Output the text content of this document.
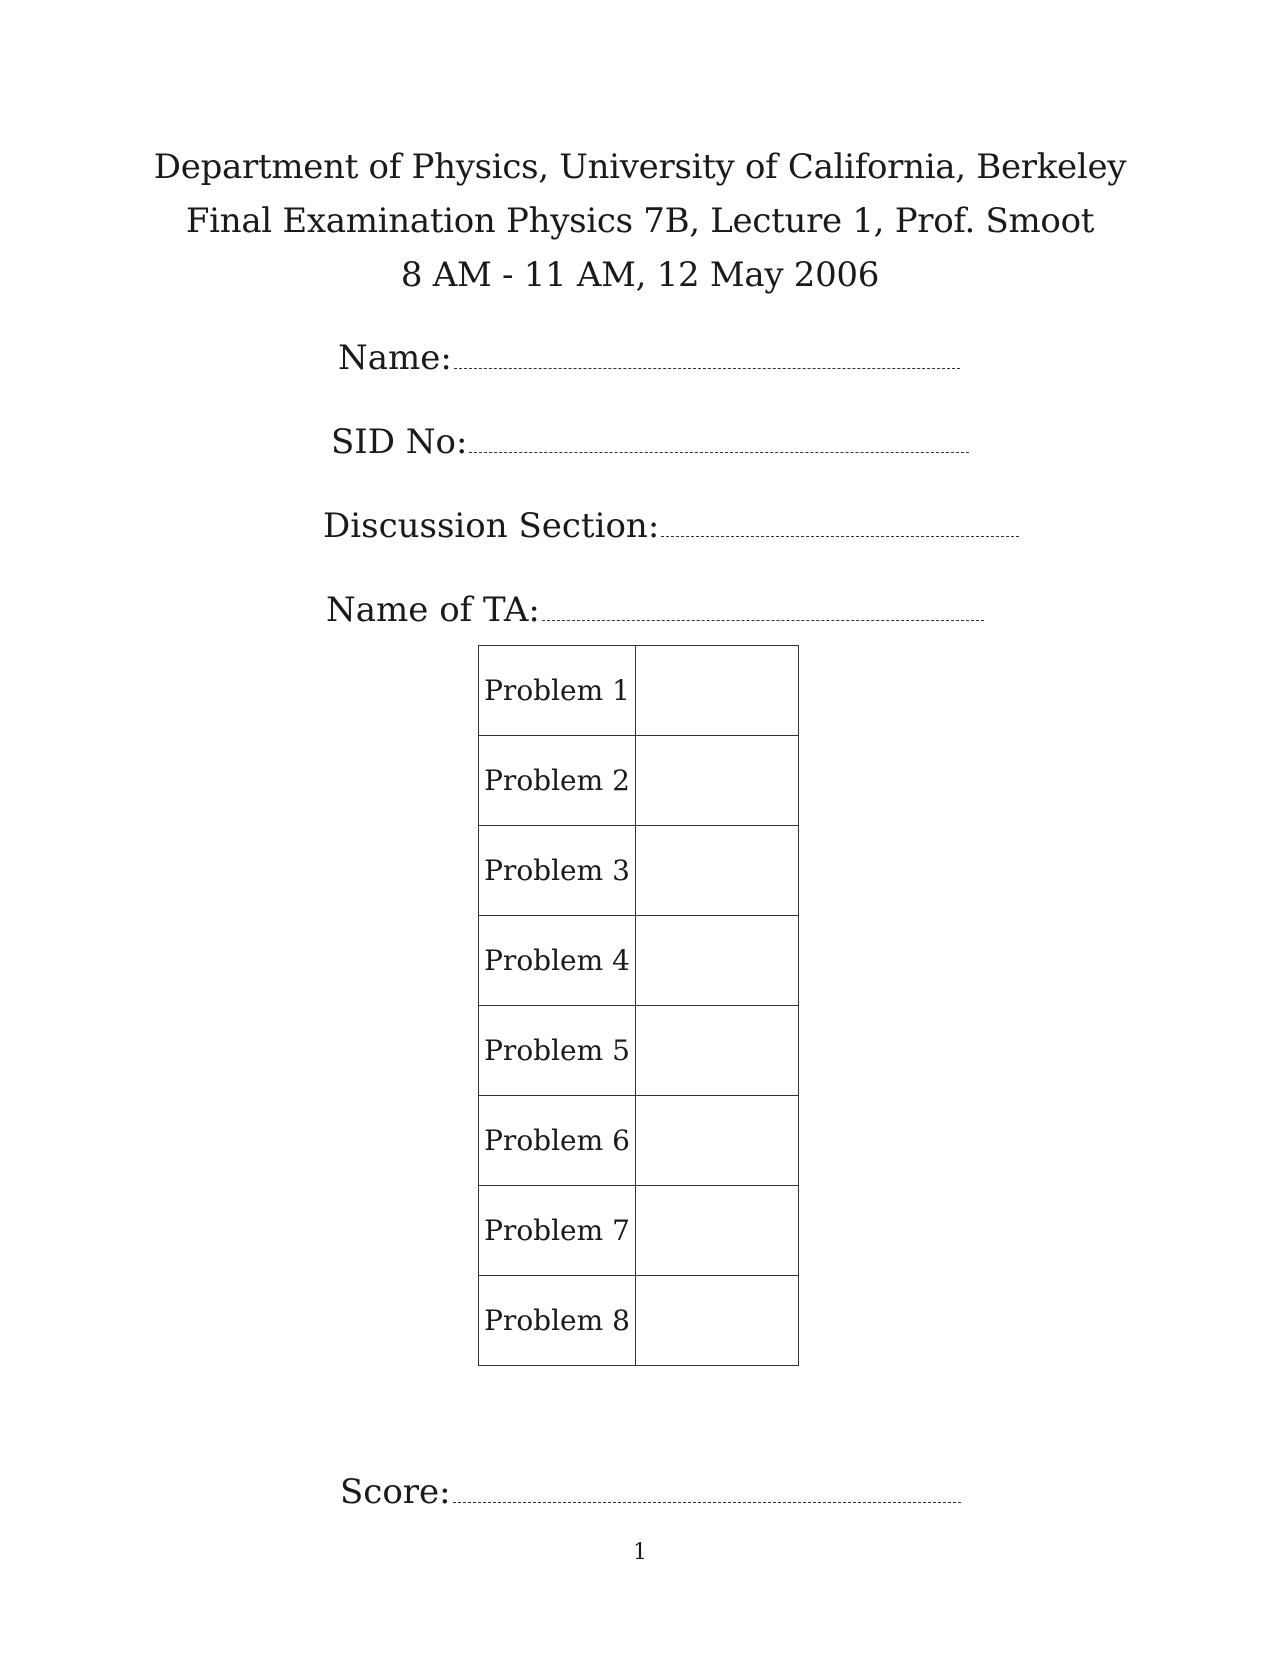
Department of Physics, University of California, Berkeley
Final Examination Physics 7B, Lecture 1, Prof. Smoot
8 AM - 11 AM, 12 May 2006
Name:
SID No:
Discussion Section:
Name of TA:
Problem 1	
Problem 2	
Problem 3	
Problem 4	
Problem 5	
Problem 6	
Problem 7	
Problem 8	
Score:
1
